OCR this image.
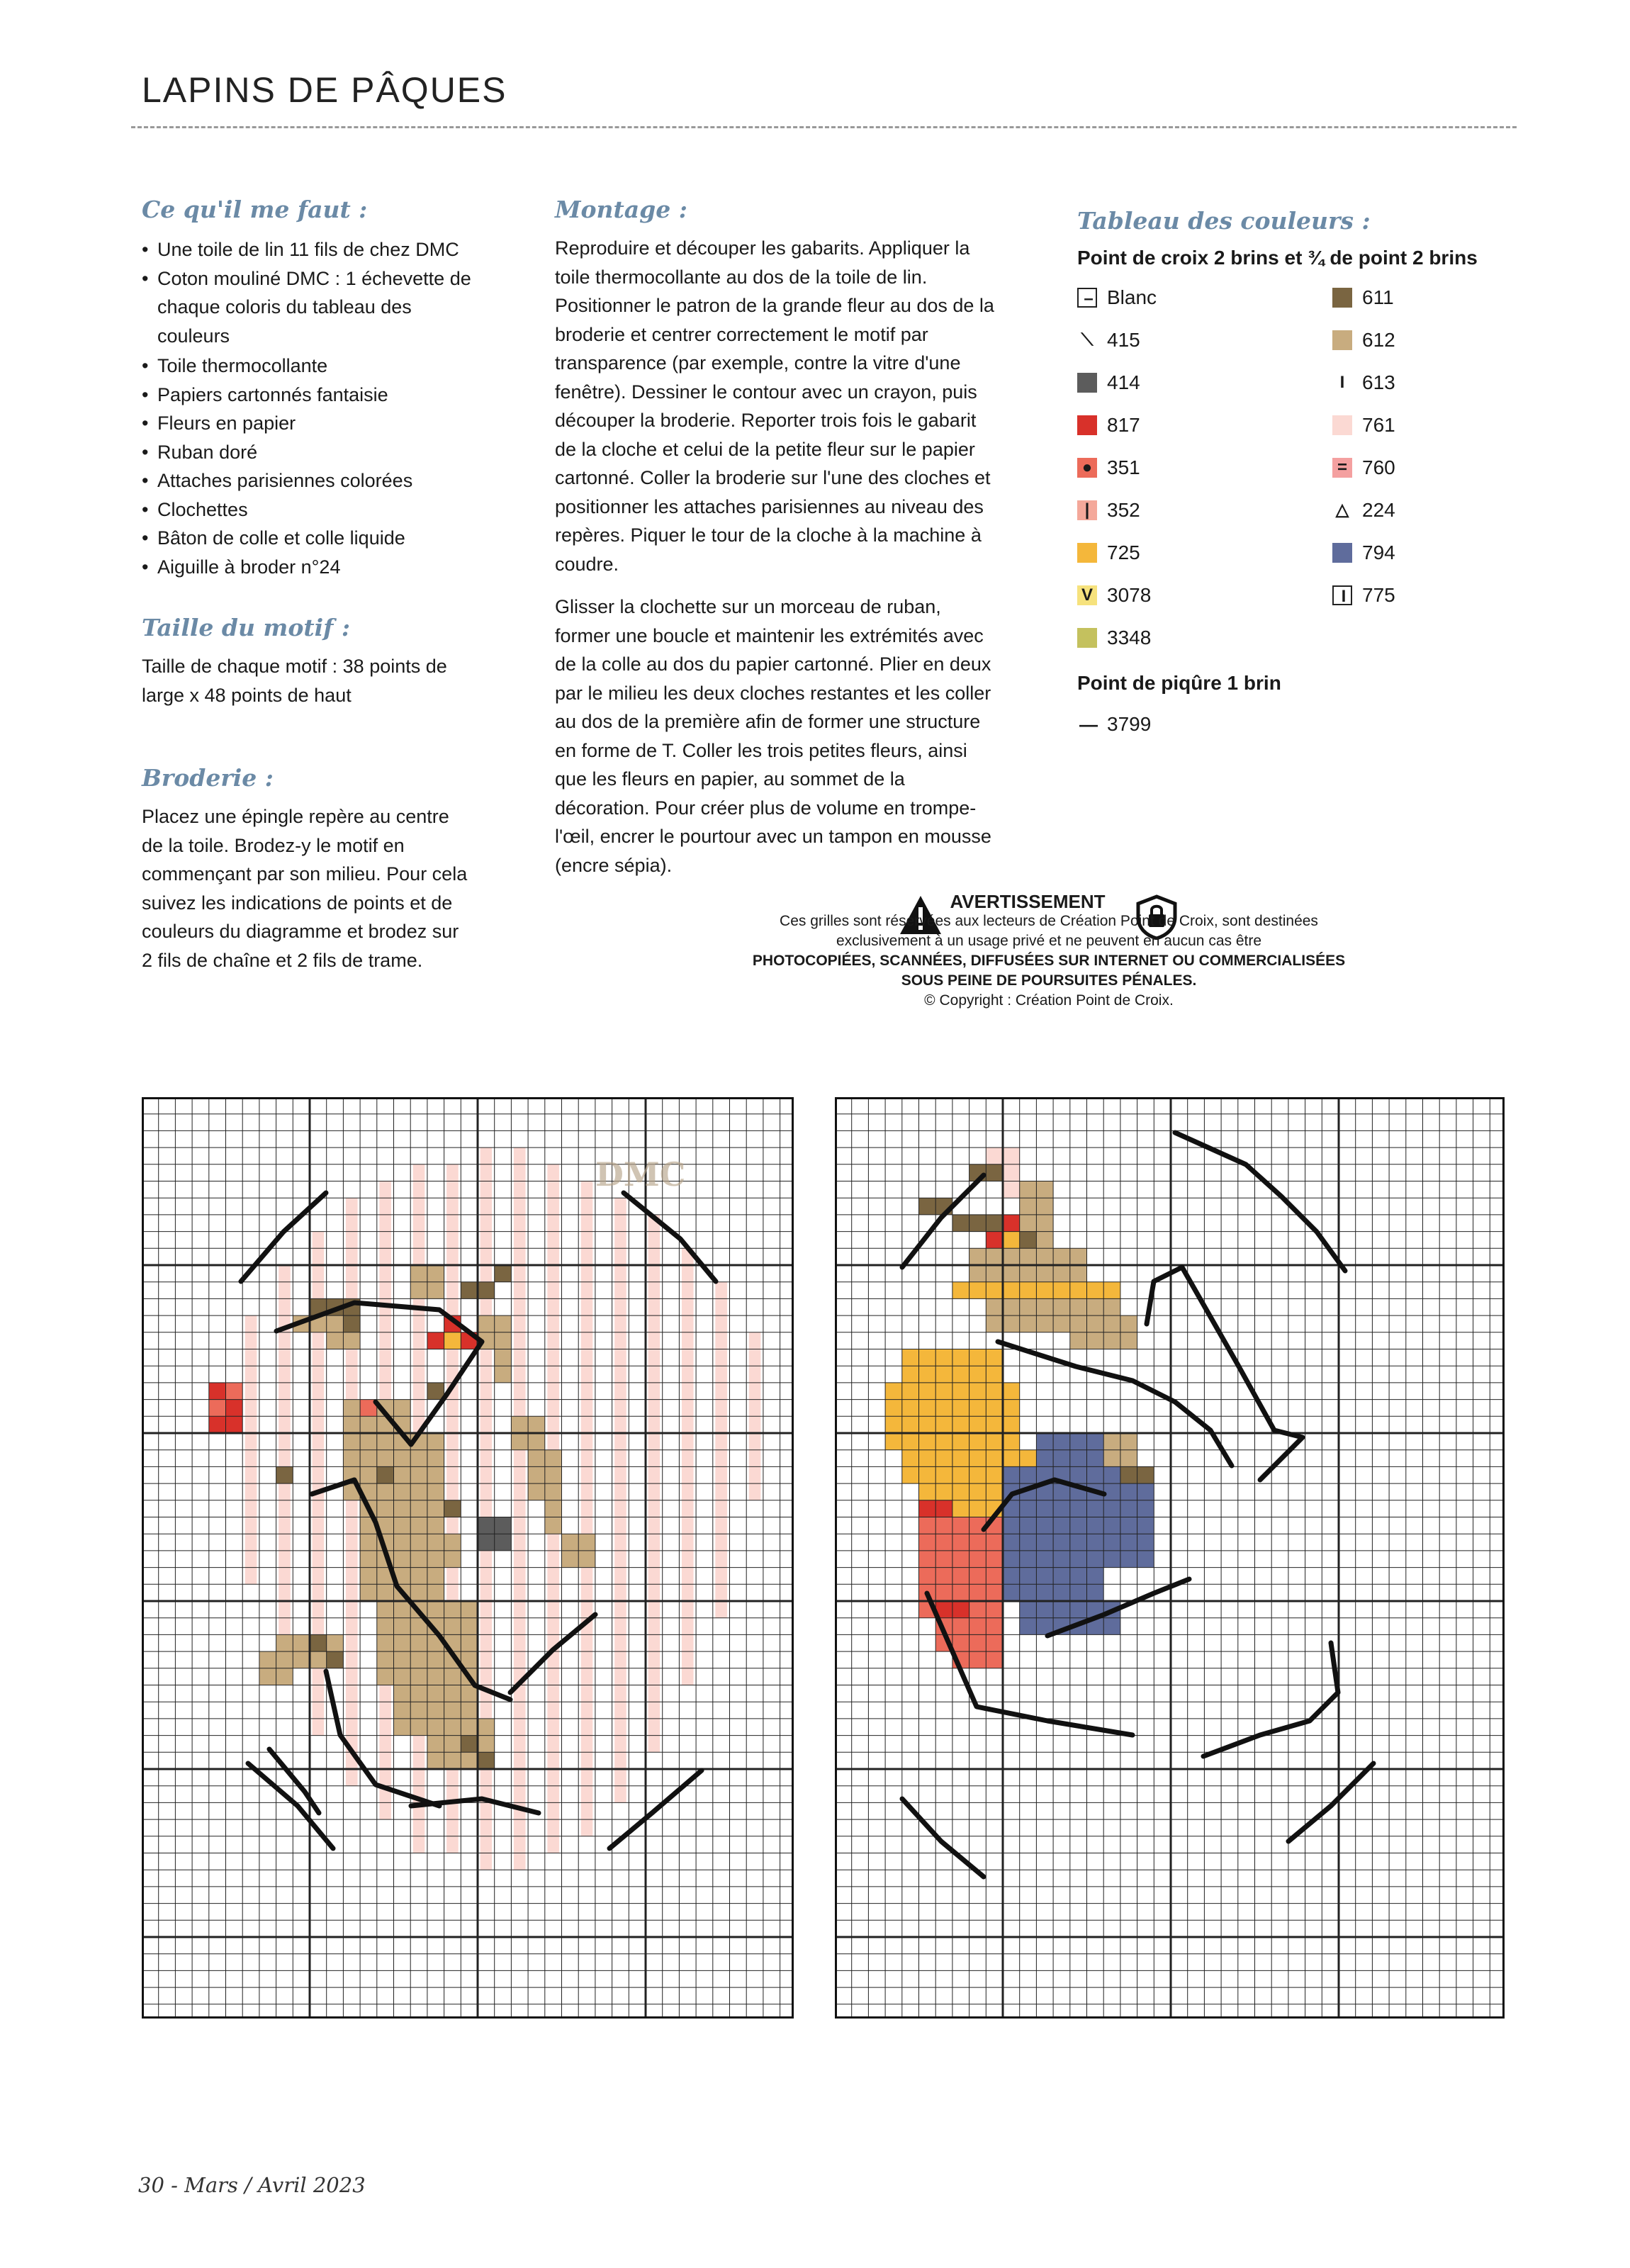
LAPINS DE PÂQUES
Ce qu'il me faut :
• Une toile de lin 11 fils de chez DMC
• Coton mouliné DMC : 1 échevette de chaque coloris du tableau des couleurs
• Toile thermocollante
• Papiers cartonnés fantaisie
• Fleurs en papier
• Ruban doré
• Attaches parisiennes colorées
• Clochettes
• Bâton de colle et colle liquide
• Aiguille à broder n°24
Taille du motif :
Taille de chaque motif : 38 points de large x 48 points de haut
Broderie :
Placez une épingle repère au centre de la toile. Brodez-y le motif en commençant par son milieu. Pour cela suivez les indications de points et de couleurs du diagramme et brodez sur 2 fils de chaîne et 2 fils de trame.
Montage :

Reproduire et découper les gabarits. Appliquer la toile thermocollante au dos de la toile de lin. Positionner le patron de la grande fleur au dos de la broderie et centrer correctement le motif par transparence (par exemple, contre la vitre d'une fenêtre). Dessiner le contour avec un crayon, puis découper la broderie. Reporter trois fois le gabarit de la cloche et celui de la petite fleur sur le papier cartonné. Coller la broderie sur l'une des cloches et positionner les attaches parisiennes au niveau des repères. Piquer le tour de la cloche à la machine à coudre.

Glisser la clochette sur un morceau de ruban, former une boucle et maintenir les extrémités avec de la colle au dos du papier cartonné. Plier en deux par le milieu les deux cloches restantes et les coller au dos de la première afin de former une structure en forme de T. Coller les trois petites fleurs, ainsi que les fleurs en papier, au sommet de la décoration. Pour créer plus de volume en trompe-l'œil, encrer le pourtour avec un tampon en mousse (encre sépia).

Tableau des couleurs :
Point de croix 2 brins et ¾ de point 2 brins
– Blanc
⟍ 415
414
817
● 351
| 352
725
V 3078
3348
611
612
I 613
761
= 760
△ 224
794
I 775
Point de piqûre 1 brin
— 3799
AVERTISSEMENT
Ces grilles sont réservées aux lecteurs de Création Point de Croix, sont destinées
exclusivement à un usage privé et ne peuvent en aucun cas être
PHOTOCOPIÉES, SCANNÉES, DIFFUSÉES SUR INTERNET OU COMMERCIALISÉES
SOUS PEINE DE POURSUITES PÉNALES.
© Copyright : Création Point de Croix.
DMC
30 - Mars / Avril 2023
